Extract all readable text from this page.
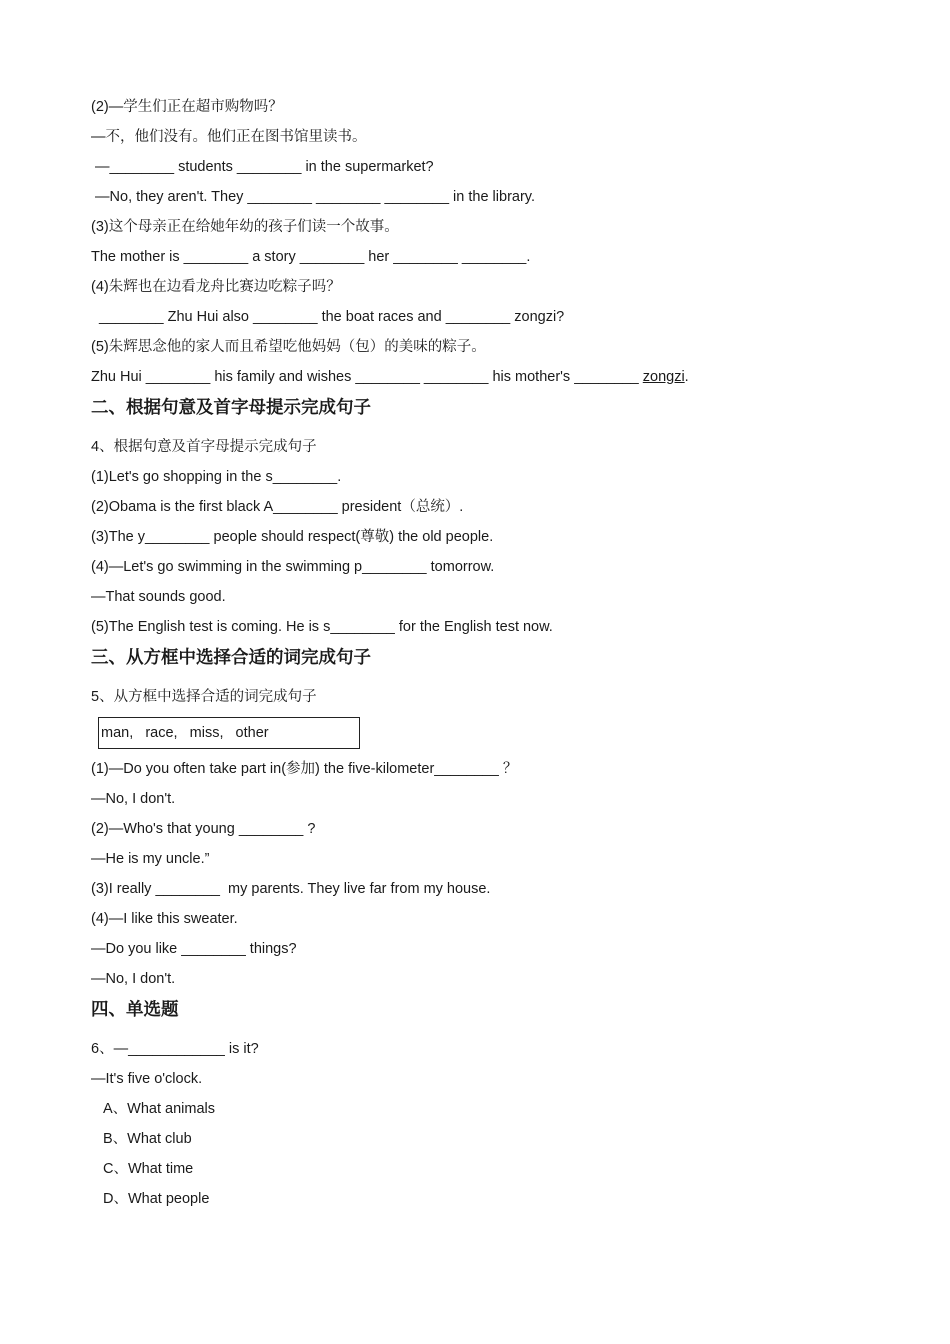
(2)—学生们正在超市购物吗？
—不，他们没有。他们正在图书馆里读书。
—________ students ________ in the supermarket?
—No, they aren't. They ________ ________ ________ in the library.
(3)这个母亲正在给她年幼的孩子们读一个故事。
The mother is ________ a story ________ her ________ ________.
(4)朱辉也在边看龙舟比赛边吃粽子吗？
________ Zhu Hui also ________ the boat races and ________ zongzi?
(5)朱辉思念他的家人而且希望吃他妈妈（包）的美味的粽子。
Zhu Hui ________ his family and wishes ________ ________ his mother's ________ zongzi.
二、根据句意及首字母提示完成句子
4、根据句意及首字母提示完成句子
(1)Let's go shopping in the s________.
(2)Obama is the first black A________ president（总统）.
(3)The y________ people should respect(尊敬) the old people.
(4)—Let's go swimming in the swimming p________ tomorrow.
—That sounds good.
(5)The English test is coming. He is s________ for the English test now.
三、从方框中选择合适的词完成句子
5、从方框中选择合适的词完成句子
man,   race,   miss,   other
(1)—Do you often take part in(参加) the five-kilometer________ ？
—No, I don't.
(2)—Who's that young ________ ?
—He is my uncle.”
(3)I really ________  my parents. They live far from my house.
(4)—I like this sweater.
—Do you like ________ things?
—No, I don't.
四、单选题
6、—____________ is it?
—It's five o'clock.
A、What animals
B、What club
C、What time
D、What people
